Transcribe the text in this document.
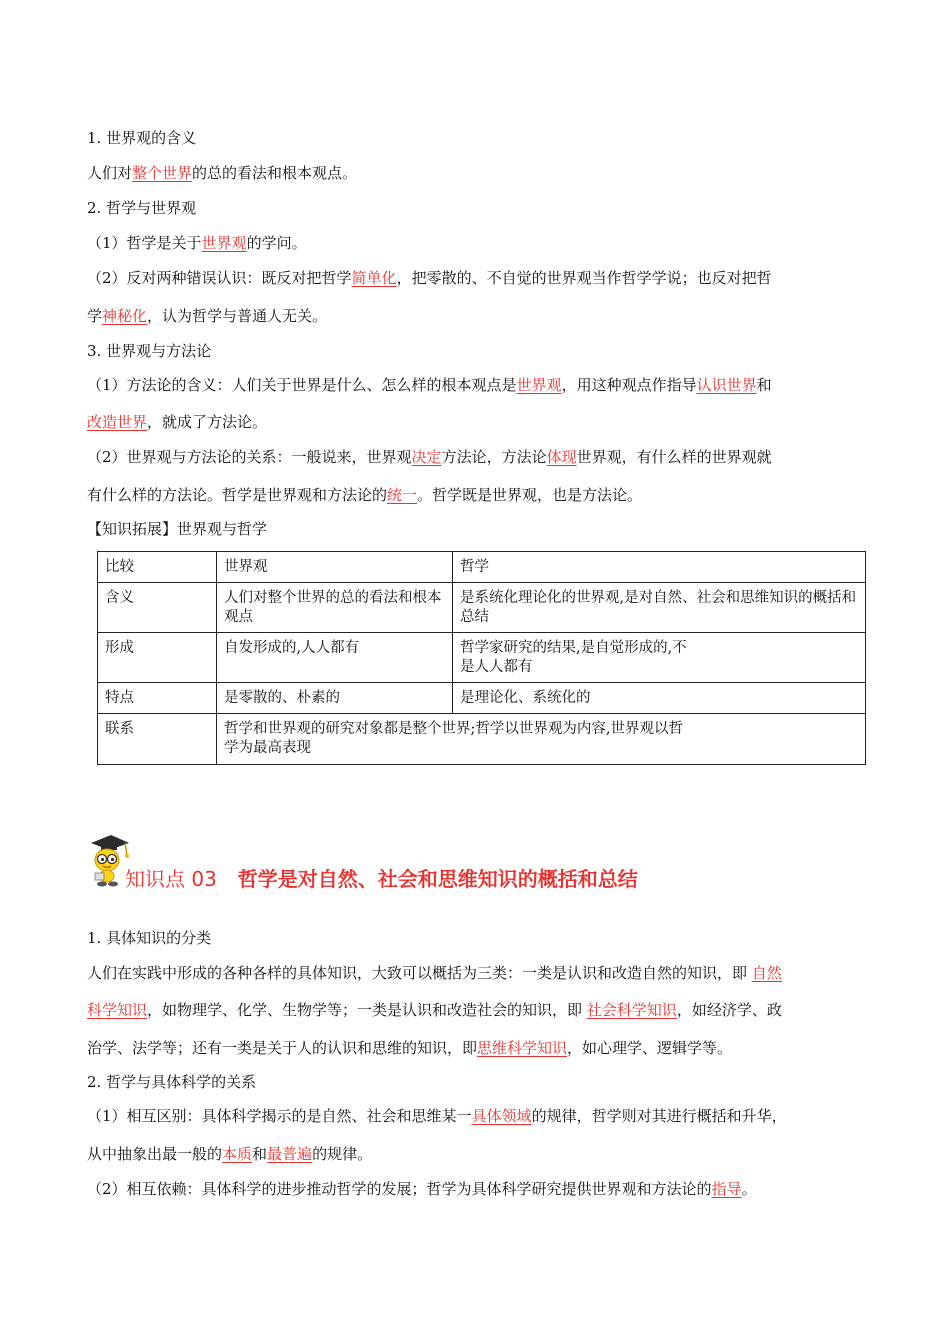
1. 世界观的含义
人们对整个世界的总的看法和根本观点。
2. 哲学与世界观
（1）哲学是关于世界观的学问。
（2）反对两种错误认识：既反对把哲学简单化，把零散的、不自觉的世界观当作哲学学说；也反对把哲
学神秘化，认为哲学与普通人无关。
3. 世界观与方法论
（1）方法论的含义：人们关于世界是什么、怎么样的根本观点是世界观，用这种观点作指导认识世界和
改造世界，就成了方法论。
（2）世界观与方法论的关系：一般说来，世界观决定方法论，方法论体现世界观，有什么样的世界观就
有什么样的方法论。哲学是世界观和方法论的统一。哲学既是世界观，也是方法论。
【知识拓展】世界观与哲学
比较	世界观	哲学
含义	人们对整个世界的总的看法和根本观点	是系统化理论化的世界观,是对自然、社会和思维知识的概括和总结
形成	自发形成的,人人都有	哲学家研究的结果,是自觉形成的,不是人人都有
特点	是零散的、朴素的	是理论化、系统化的
联系	哲学和世界观的研究对象都是整个世界;哲学以世界观为内容,世界观以哲学为最高表现	
知识点 03 哲学是对自然、社会和思维知识的概括和总结
1. 具体知识的分类
人们在实践中形成的各种各样的具体知识，大致可以概括为三类：一类是认识和改造自然的知识，即 自然
科学知识，如物理学、化学、生物学等；一类是认识和改造社会的知识，即 社会科学知识，如经济学、政
治学、法学等；还有一类是关于人的认识和思维的知识，即思维科学知识，如心理学、逻辑学等。
2. 哲学与具体科学的关系
（1）相互区别：具体科学揭示的是自然、社会和思维某一具体领域的规律，哲学则对其进行概括和升华，
从中抽象出最一般的本质和最普遍的规律。
（2）相互依赖：具体科学的进步推动哲学的发展；哲学为具体科学研究提供世界观和方法论的指导。
